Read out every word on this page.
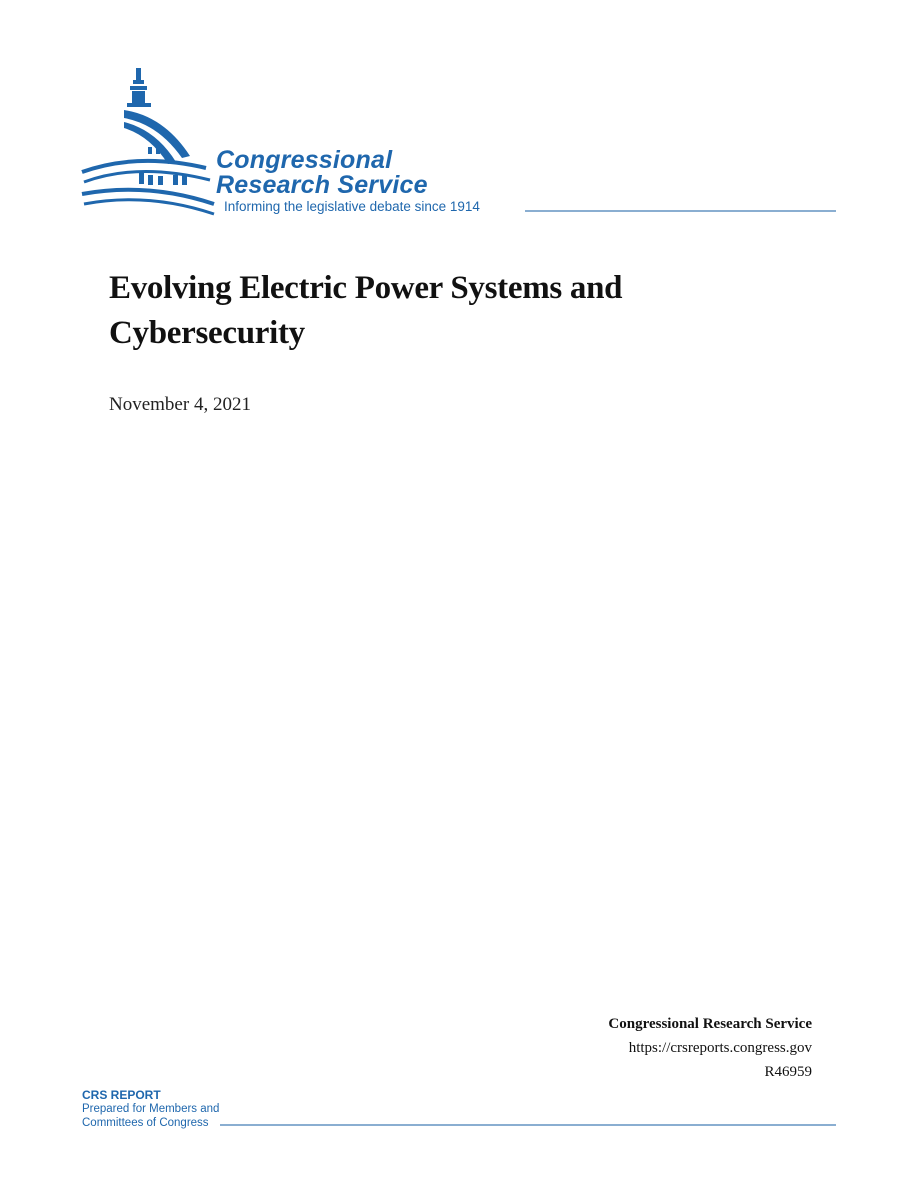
Congressional
Research Service
Informing the legislative debate since 1914
Evolving Electric Power Systems and Cybersecurity
November 4, 2021
Congressional Research Service
https://crsreports.congress.gov
R46959
CRS REPORT
Prepared for Members and
Committees of Congress
